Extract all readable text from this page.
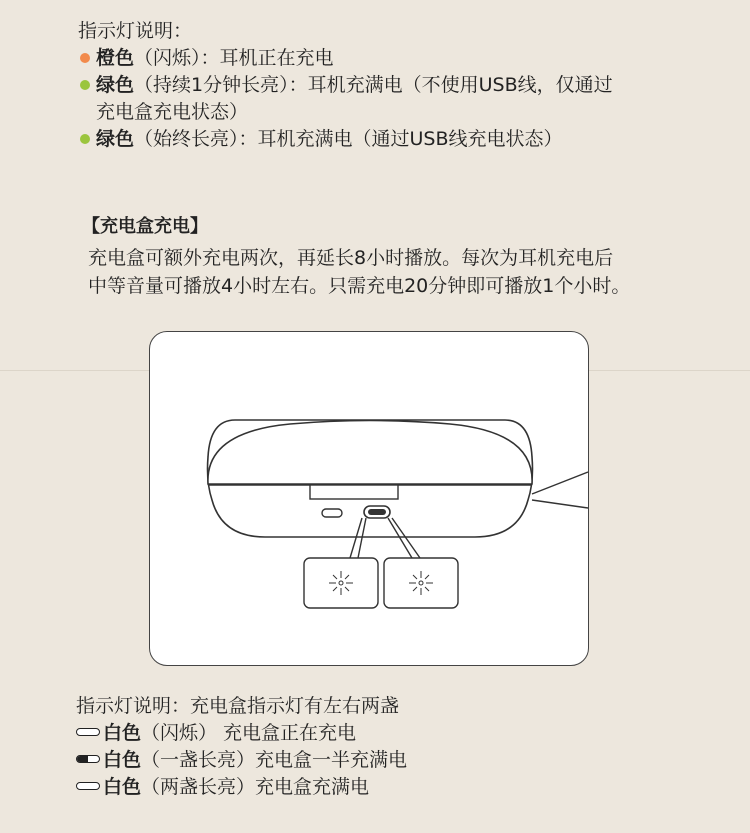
指示灯说明：
橙色（闪烁）：耳机正在充电
绿色（持续1分钟长亮）：耳机充满电（不使用USB线，仅通过
充电盒充电状态）
绿色（始终长亮）：耳机充满电（通过USB线充电状态）
【充电盒充电】
充电盒可额外充电两次，再延长8小时播放。每次为耳机充电后
中等音量可播放4小时左右。只需充电20分钟即可播放1个小时。
指示灯说明：充电盒指示灯有左右两盏
白色（闪烁） 充电盒正在充电
白色（一盏长亮）充电盒一半充满电
白色（两盏长亮）充电盒充满电
